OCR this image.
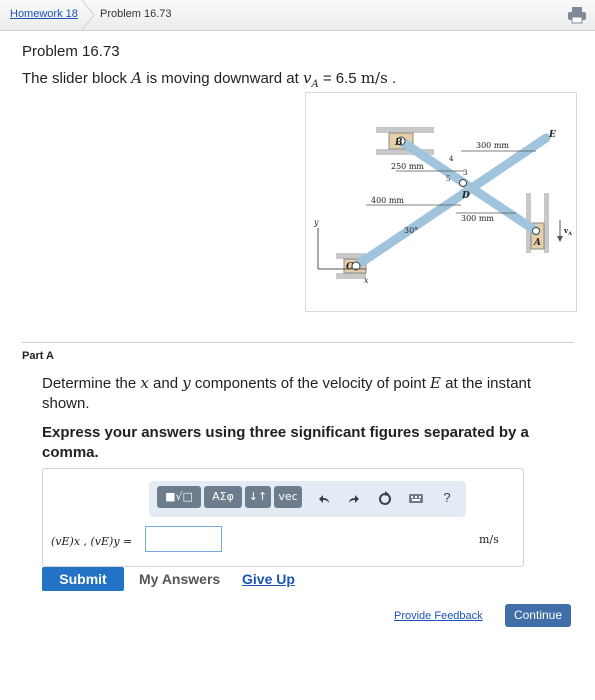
Homework 18 Problem 16.73
Problem 16.73
The slider block A is moving downward at $v_A = 6.5$ m/s .
B
D
E
A
C
250 mm
300 mm
400 mm
300 mm
30°
4
3
5
y
x
$v_A$
Part A
Determine the x and y components of the velocity of point E at the instant shown.
Express your answers using three significant figures separated by a comma.
■√□	ΑΣφ	↓↑	vec	?
(vE)x , (vE)y =	m/s
Submit	My Answers Give Up
Provide Feedback	Continue
